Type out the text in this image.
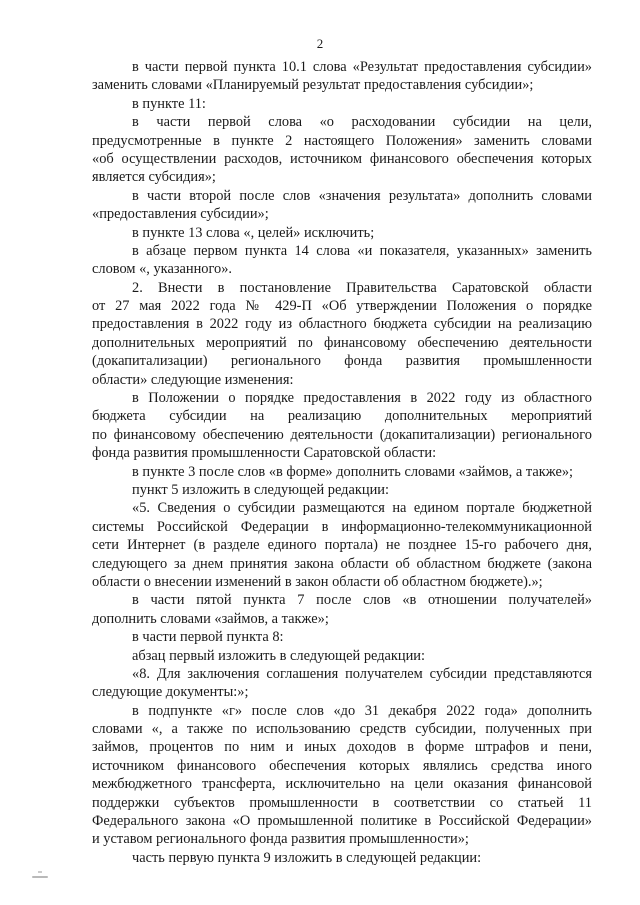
2
в части первой пункта 10.1 слова «Результат предоставления субсидии»
заменить словами «Планируемый результат предоставления субсидии»;
в пункте 11:
в части первой слова «о расходовании субсидии на цели,
предусмотренные в пункте 2 настоящего Положения» заменить словами
«об осуществлении расходов, источником финансового обеспечения которых
является субсидия»;
в части второй после слов «значения результата» дополнить словами
«предоставления субсидии»;
в пункте 13 слова «, целей» исключить;
в абзаце первом пункта 14 слова «и показателя, указанных» заменить
словом «, указанного».
2. Внести в постановление Правительства Саратовской области
от 27 мая 2022 года № 429-П «Об утверждении Положения о порядке
предоставления в 2022 году из областного бюджета субсидии на реализацию
дополнительных мероприятий по финансовому обеспечению деятельности
(докапитализации) регионального фонда развития промышленности
области» следующие изменения:
в Положении о порядке предоставления в 2022 году из областного
бюджета субсидии на реализацию дополнительных мероприятий
по финансовому обеспечению деятельности (докапитализации) регионального
фонда развития промышленности Саратовской области:
в пункте 3 после слов «в форме» дополнить словами «займов, а также»;
пункт 5 изложить в следующей редакции:
«5. Сведения о субсидии размещаются на едином портале бюджетной
системы Российской Федерации в информационно-телекоммуникационной
сети Интернет (в разделе единого портала) не позднее 15-го рабочего дня,
следующего за днем принятия закона области об областном бюджете (закона
области о внесении изменений в закон области об областном бюджете).»;
в части пятой пункта 7 после слов «в отношении получателей»
дополнить словами «займов, а также»;
в части первой пункта 8:
абзац первый изложить в следующей редакции:
«8. Для заключения соглашения получателем субсидии представляются
следующие документы:»;
в подпункте «г» после слов «до 31 декабря 2022 года» дополнить
словами «, а также по использованию средств субсидии, полученных при
займов, процентов по ним и иных доходов в форме штрафов и пени,
источником финансового обеспечения которых являлись средства иного
межбюджетного трансферта, исключительно на цели оказания финансовой
поддержки субъектов промышленности в соответствии со статьей 11
Федерального закона «О промышленной политике в Российской Федерации»
и уставом регионального фонда развития промышленности»;
часть первую пункта 9 изложить в следующей редакции:
